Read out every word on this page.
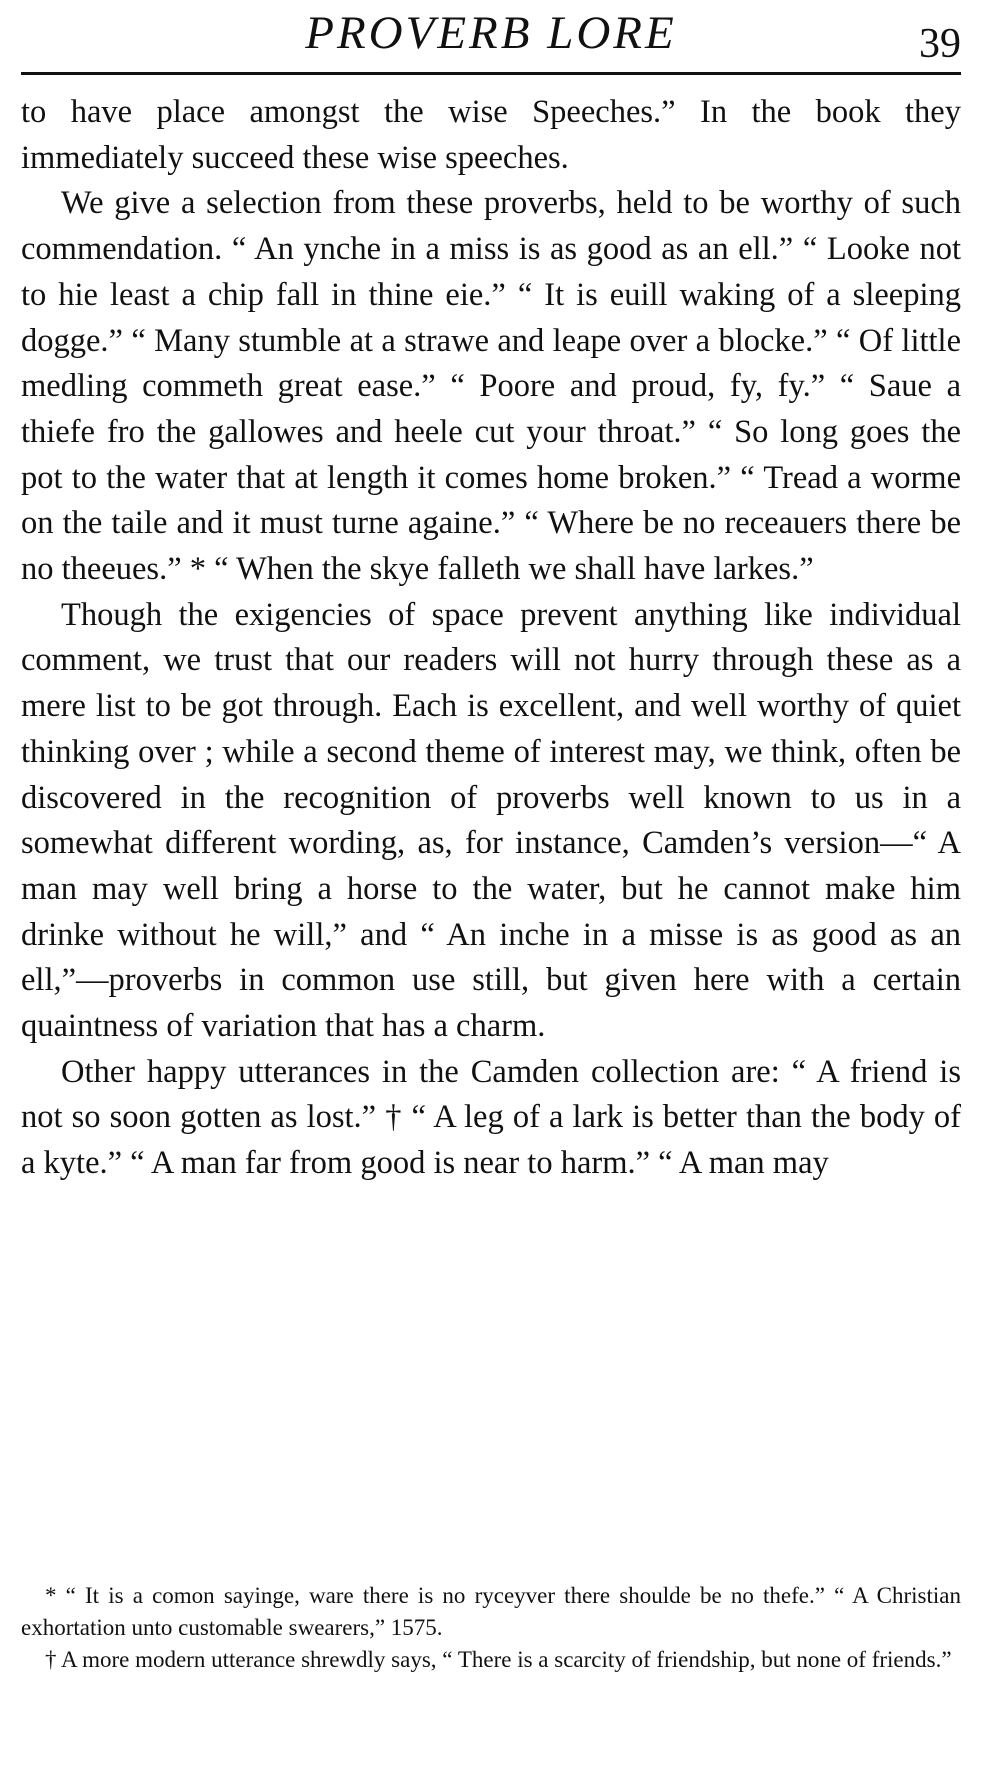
PROVERB LORE	39

to have place amongst the wise Speeches.” In the book they immediately succeed these wise speeches.

We give a selection from these proverbs, held to be worthy of such commendation. “ An ynche in a miss is as good as an ell.” “ Looke not to hie least a chip fall in thine eie.” “ It is euill waking of a sleeping dogge.” “ Many stumble at a strawe and leape over a blocke.” “ Of little medling commeth great ease.” “ Poore and proud, fy, fy.” “ Saue a thiefe fro the gallowes and heele cut your throat.” “ So long goes the pot to the water that at length it comes home broken.” “ Tread a worme on the taile and it must turne againe.” “ Where be no receauers there be no theeues.” * “ When the skye falleth we shall have larkes.”

Though the exigencies of space prevent anything like individual comment, we trust that our readers will not hurry through these as a mere list to be got through. Each is excellent, and well worthy of quiet thinking over ; while a second theme of interest may, we think, often be discovered in the recognition of proverbs well known to us in a somewhat different wording, as, for instance, Camden’s version—“ A man may well bring a horse to the water, but he cannot make him drinke without he will,” and “ An inche in a misse is as good as an ell,”—proverbs in common use still, but given here with a certain quaintness of variation that has a charm.

Other happy utterances in the Camden collection are: “ A friend is not so soon gotten as lost.” † “ A leg of a lark is better than the body of a kyte.” “ A man far from good is near to harm.” “ A man may

* “ It is a comon sayinge, ware there is no ryceyver there shoulde be no thefe.” “ A Christian exhortation unto customable swearers,” 1575.

† A more modern utterance shrewdly says, “ There is a scarcity of friendship, but none of friends.”
